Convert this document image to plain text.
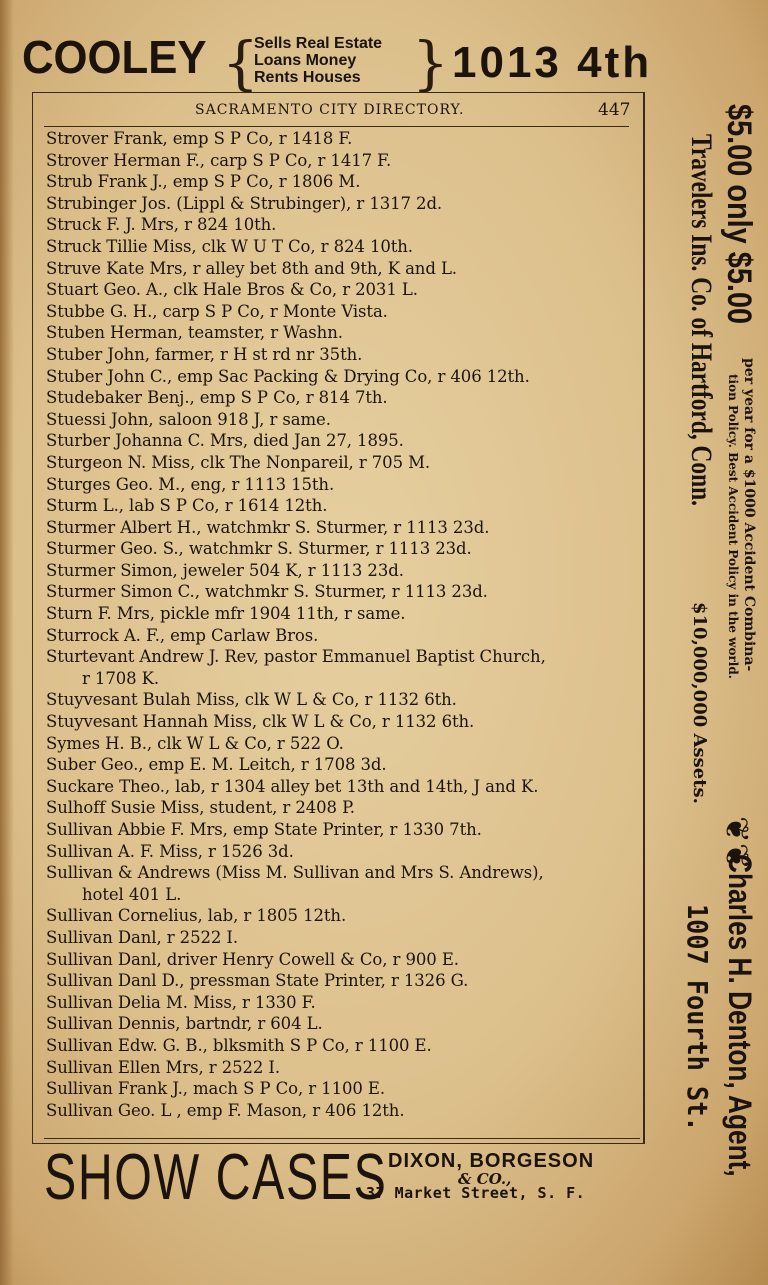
COOLEY {
Sells Real Estate
Loans Money
Rents Houses } 1013 4th
SACRAMENTO CITY DIRECTORY.	447
Strover Frank, emp S P Co, r 1418 F.
Strover Herman F., carp S P Co, r 1417 F.
Strub Frank J., emp S P Co, r 1806 M.
Strubinger Jos. (Lippl & Strubinger), r 1317 2d.
Struck F. J. Mrs, r 824 10th.
Struck Tillie Miss, clk W U T Co, r 824 10th.
Struve Kate Mrs, r alley bet 8th and 9th, K and L.
Stuart Geo. A., clk Hale Bros & Co, r 2031 L.
Stubbe G. H., carp S P Co, r Monte Vista.
Stuben Herman, teamster, r Washn.
Stuber John, farmer, r H st rd nr 35th.
Stuber John C., emp Sac Packing & Drying Co, r 406 12th.
Studebaker Benj., emp S P Co, r 814 7th.
Stuessi John, saloon 918 J, r same.
Sturber Johanna C. Mrs, died Jan 27, 1895.
Sturgeon N. Miss, clk The Nonpareil, r 705 M.
Sturges Geo. M., eng, r 1113 15th.
Sturm L., lab S P Co, r 1614 12th.
Sturmer Albert H., watchmkr S. Sturmer, r 1113 23d.
Sturmer Geo. S., watchmkr S. Sturmer, r 1113 23d.
Sturmer Simon, jeweler 504 K, r 1113 23d.
Sturmer Simon C., watchmkr S. Sturmer, r 1113 23d.
Sturn F. Mrs, pickle mfr 1904 11th, r same.
Sturrock A. F., emp Carlaw Bros.
Sturtevant Andrew J. Rev, pastor Emmanuel Baptist Church,
r 1708 K.
Stuyvesant Bulah Miss, clk W L & Co, r 1132 6th.
Stuyvesant Hannah Miss, clk W L & Co, r 1132 6th.
Symes H. B., clk W L & Co, r 522 O.
Suber Geo., emp E. M. Leitch, r 1708 3d.
Suckare Theo., lab, r 1304 alley bet 13th and 14th, J and K.
Sulhoff Susie Miss, student, r 2408 P.
Sullivan Abbie F. Mrs, emp State Printer, r 1330 7th.
Sullivan A. F. Miss, r 1526 3d.
Sullivan & Andrews (Miss M. Sullivan and Mrs S. Andrews),
hotel 401 L.
Sullivan Cornelius, lab, r 1805 12th.
Sullivan Danl, r 2522 I.
Sullivan Danl, driver Henry Cowell & Co, r 900 E.
Sullivan Danl D., pressman State Printer, r 1326 G.
Sullivan Delia M. Miss, r 1330 F.
Sullivan Dennis, bartndr, r 604 L.
Sullivan Edw. G. B., blksmith S P Co, r 1100 E.
Sullivan Ellen Mrs, r 2522 I.
Sullivan Frank J., mach S P Co, r 1100 E.
Sullivan Geo. L , emp F. Mason, r 406 12th.
$5.00 only $5.00
per year for a $1000 Accident Combina-
tion Policy. Best Accident Policy in the world.
Travelers Ins. Co. of Hartford, Conn.
$10,000,000 Assets.
❦❦
Charles H. Denton, Agent,
1007 Fourth St.
SHOW CASES DIXON, BORGESON
& CO.,
37 Market Street, S. F.
